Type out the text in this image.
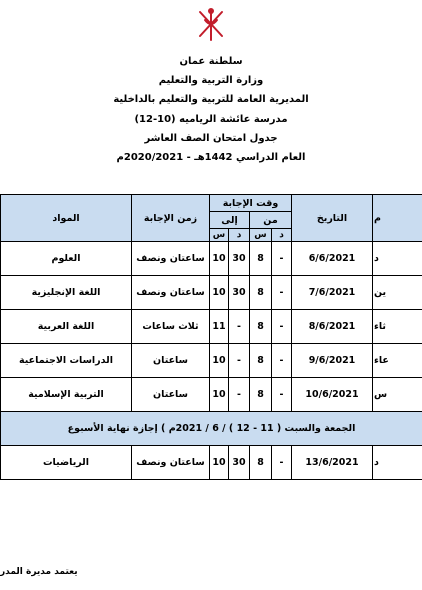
سلطنة عمان
وزارة التربية والتعليم
المديرية العامة للتربية والتعليم بالداخلية
مدرسة عائشة الرياميه (10-12)
جدول امتحان الصف العاشر
العام الدراسي 1442هـ - 2020/2021م
المواد	زمن الإجابة	وقت الإجابة				التاريخ	م
		إلى		من			
		س	د	س	د		
العلوم	ساعتان ونصف	10	30	8	-	6/6/2021	د
اللغة الإنجليزية	ساعتان ونصف	10	30	8	-	7/6/2021	ين
اللغة العربية	ثلاث ساعات	11	-	8	-	8/6/2021	ثاء
الدراسات الاجتماعية	ساعتان	10	-	8	-	9/6/2021	عاء
التربية الإسلامية	ساعتان	10	-	8	-	10/6/2021	س
الجمعة والسبت ( 11 - 12 ) / 6 / 2021م ) إجازة نهاية الأسبوع							
الرياضيات	ساعتان ونصف	10	30	8	-	13/6/2021	د
يعتمد مديرة المدر
